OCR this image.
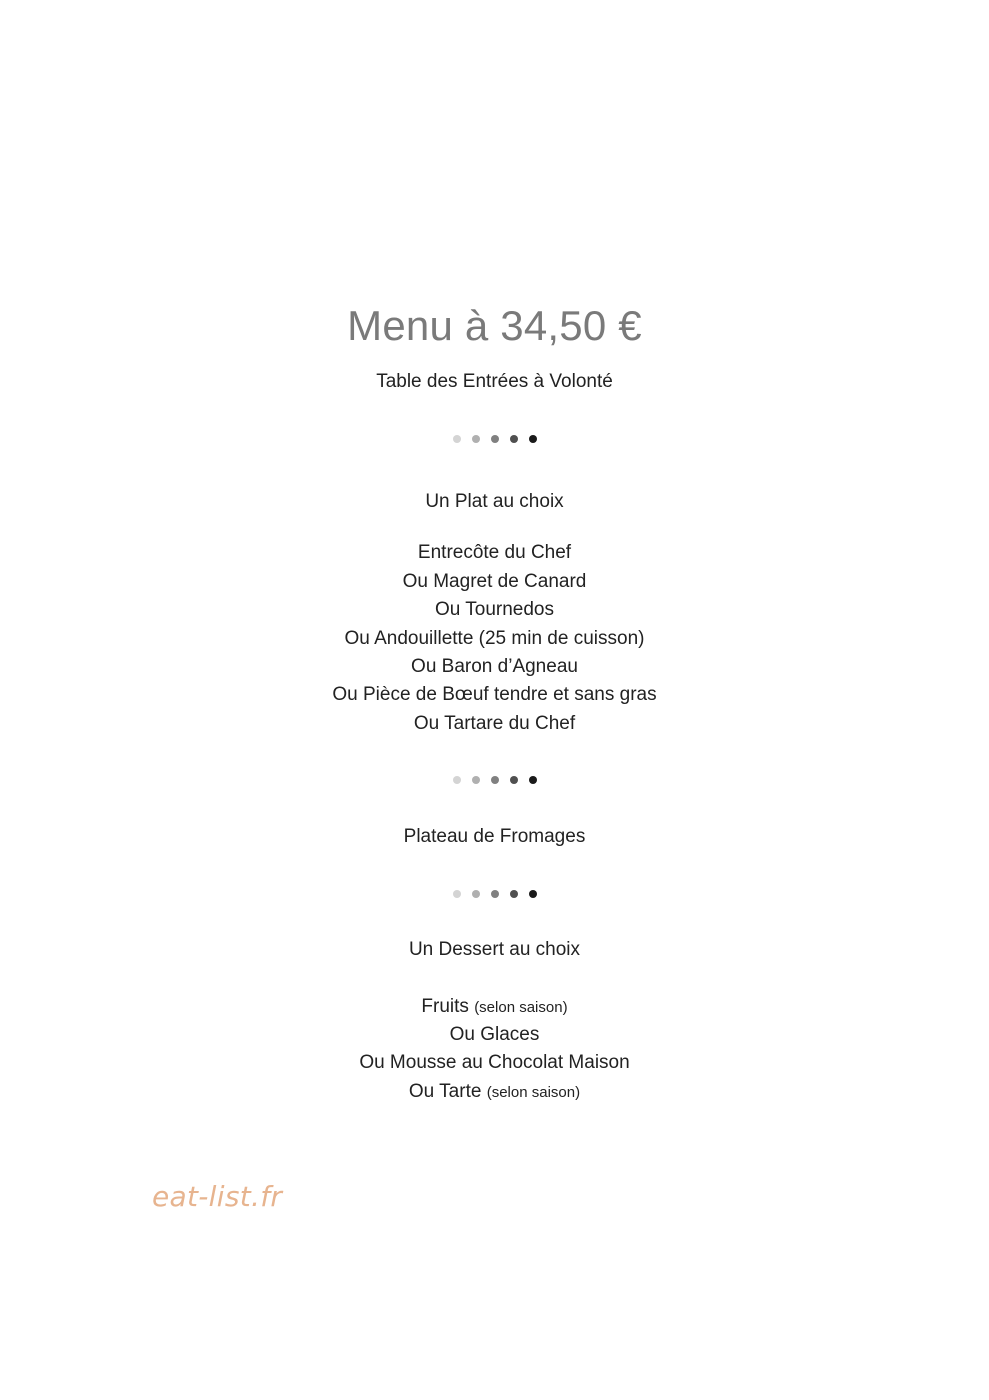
Menu à 34,50 €
Table des Entrées à Volonté
Un Plat au choix
Entrecôte du Chef
Ou Magret de Canard
Ou Tournedos
Ou Andouillette (25 min de cuisson)
Ou Baron d’Agneau
Ou Pièce de Bœuf tendre et sans gras
Ou Tartare du Chef
Plateau de Fromages
Un Dessert au choix
Fruits (selon saison)
Ou Glaces
Ou Mousse au Chocolat Maison
Ou Tarte (selon saison)
eat-list.fr
